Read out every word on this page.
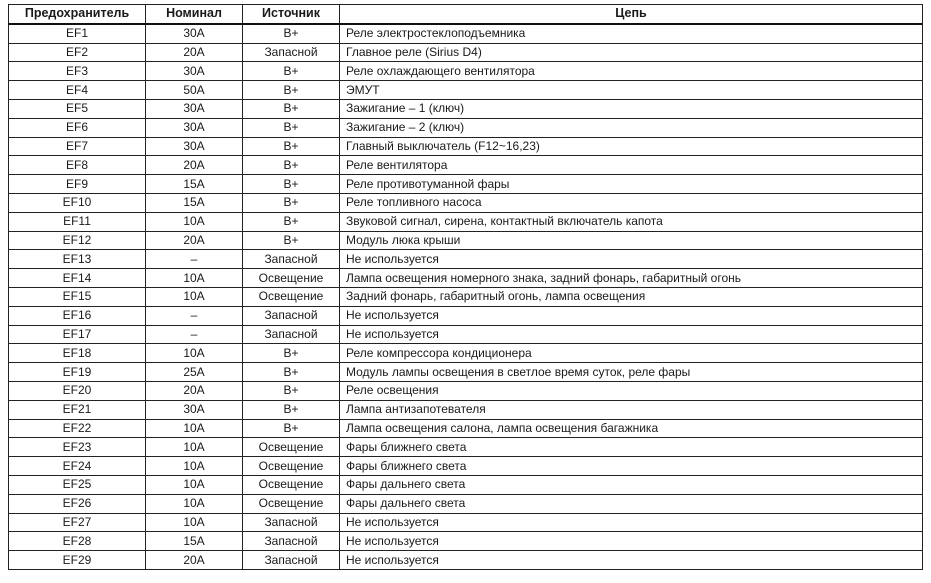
Предохранитель	Номинал	Источник	Цепь
EF1	30A	B+	Реле электростеклоподъемника
EF2	20A	Запасной	Главное реле (Sirius D4)
EF3	30A	B+	Реле охлаждающего вентилятора
EF4	50A	B+	ЭМУТ
EF5	30A	B+	Зажигание – 1 (ключ)
EF6	30A	B+	Зажигание – 2 (ключ)
EF7	30A	B+	Главный выключатель (F12~16,23)
EF8	20A	B+	Реле вентилятора
EF9	15A	B+	Реле противотуманной фары
EF10	15A	B+	Реле топливного насоса
EF11	10A	B+	Звуковой сигнал, сирена, контактный включатель капота
EF12	20A	B+	Модуль люка крыши
EF13	–	Запасной	Не используется
EF14	10A	Освещение	Лампа освещения номерного знака, задний фонарь, габаритный огонь
EF15	10A	Освещение	Задний фонарь, габаритный огонь, лампа освещения
EF16	–	Запасной	Не используется
EF17	–	Запасной	Не используется
EF18	10A	B+	Реле компрессора кондиционера
EF19	25A	B+	Модуль лампы освещения в светлое время суток, реле фары
EF20	20A	B+	Реле освещения
EF21	30A	B+	Лампа антизапотевателя
EF22	10A	B+	Лампа освещения салона, лампа освещения багажника
EF23	10A	Освещение	Фары ближнего света
EF24	10A	Освещение	Фары ближнего света
EF25	10A	Освещение	Фары дальнего света
EF26	10A	Освещение	Фары дальнего света
EF27	10A	Запасной	Не используется
EF28	15A	Запасной	Не используется
EF29	20A	Запасной	Не используется
